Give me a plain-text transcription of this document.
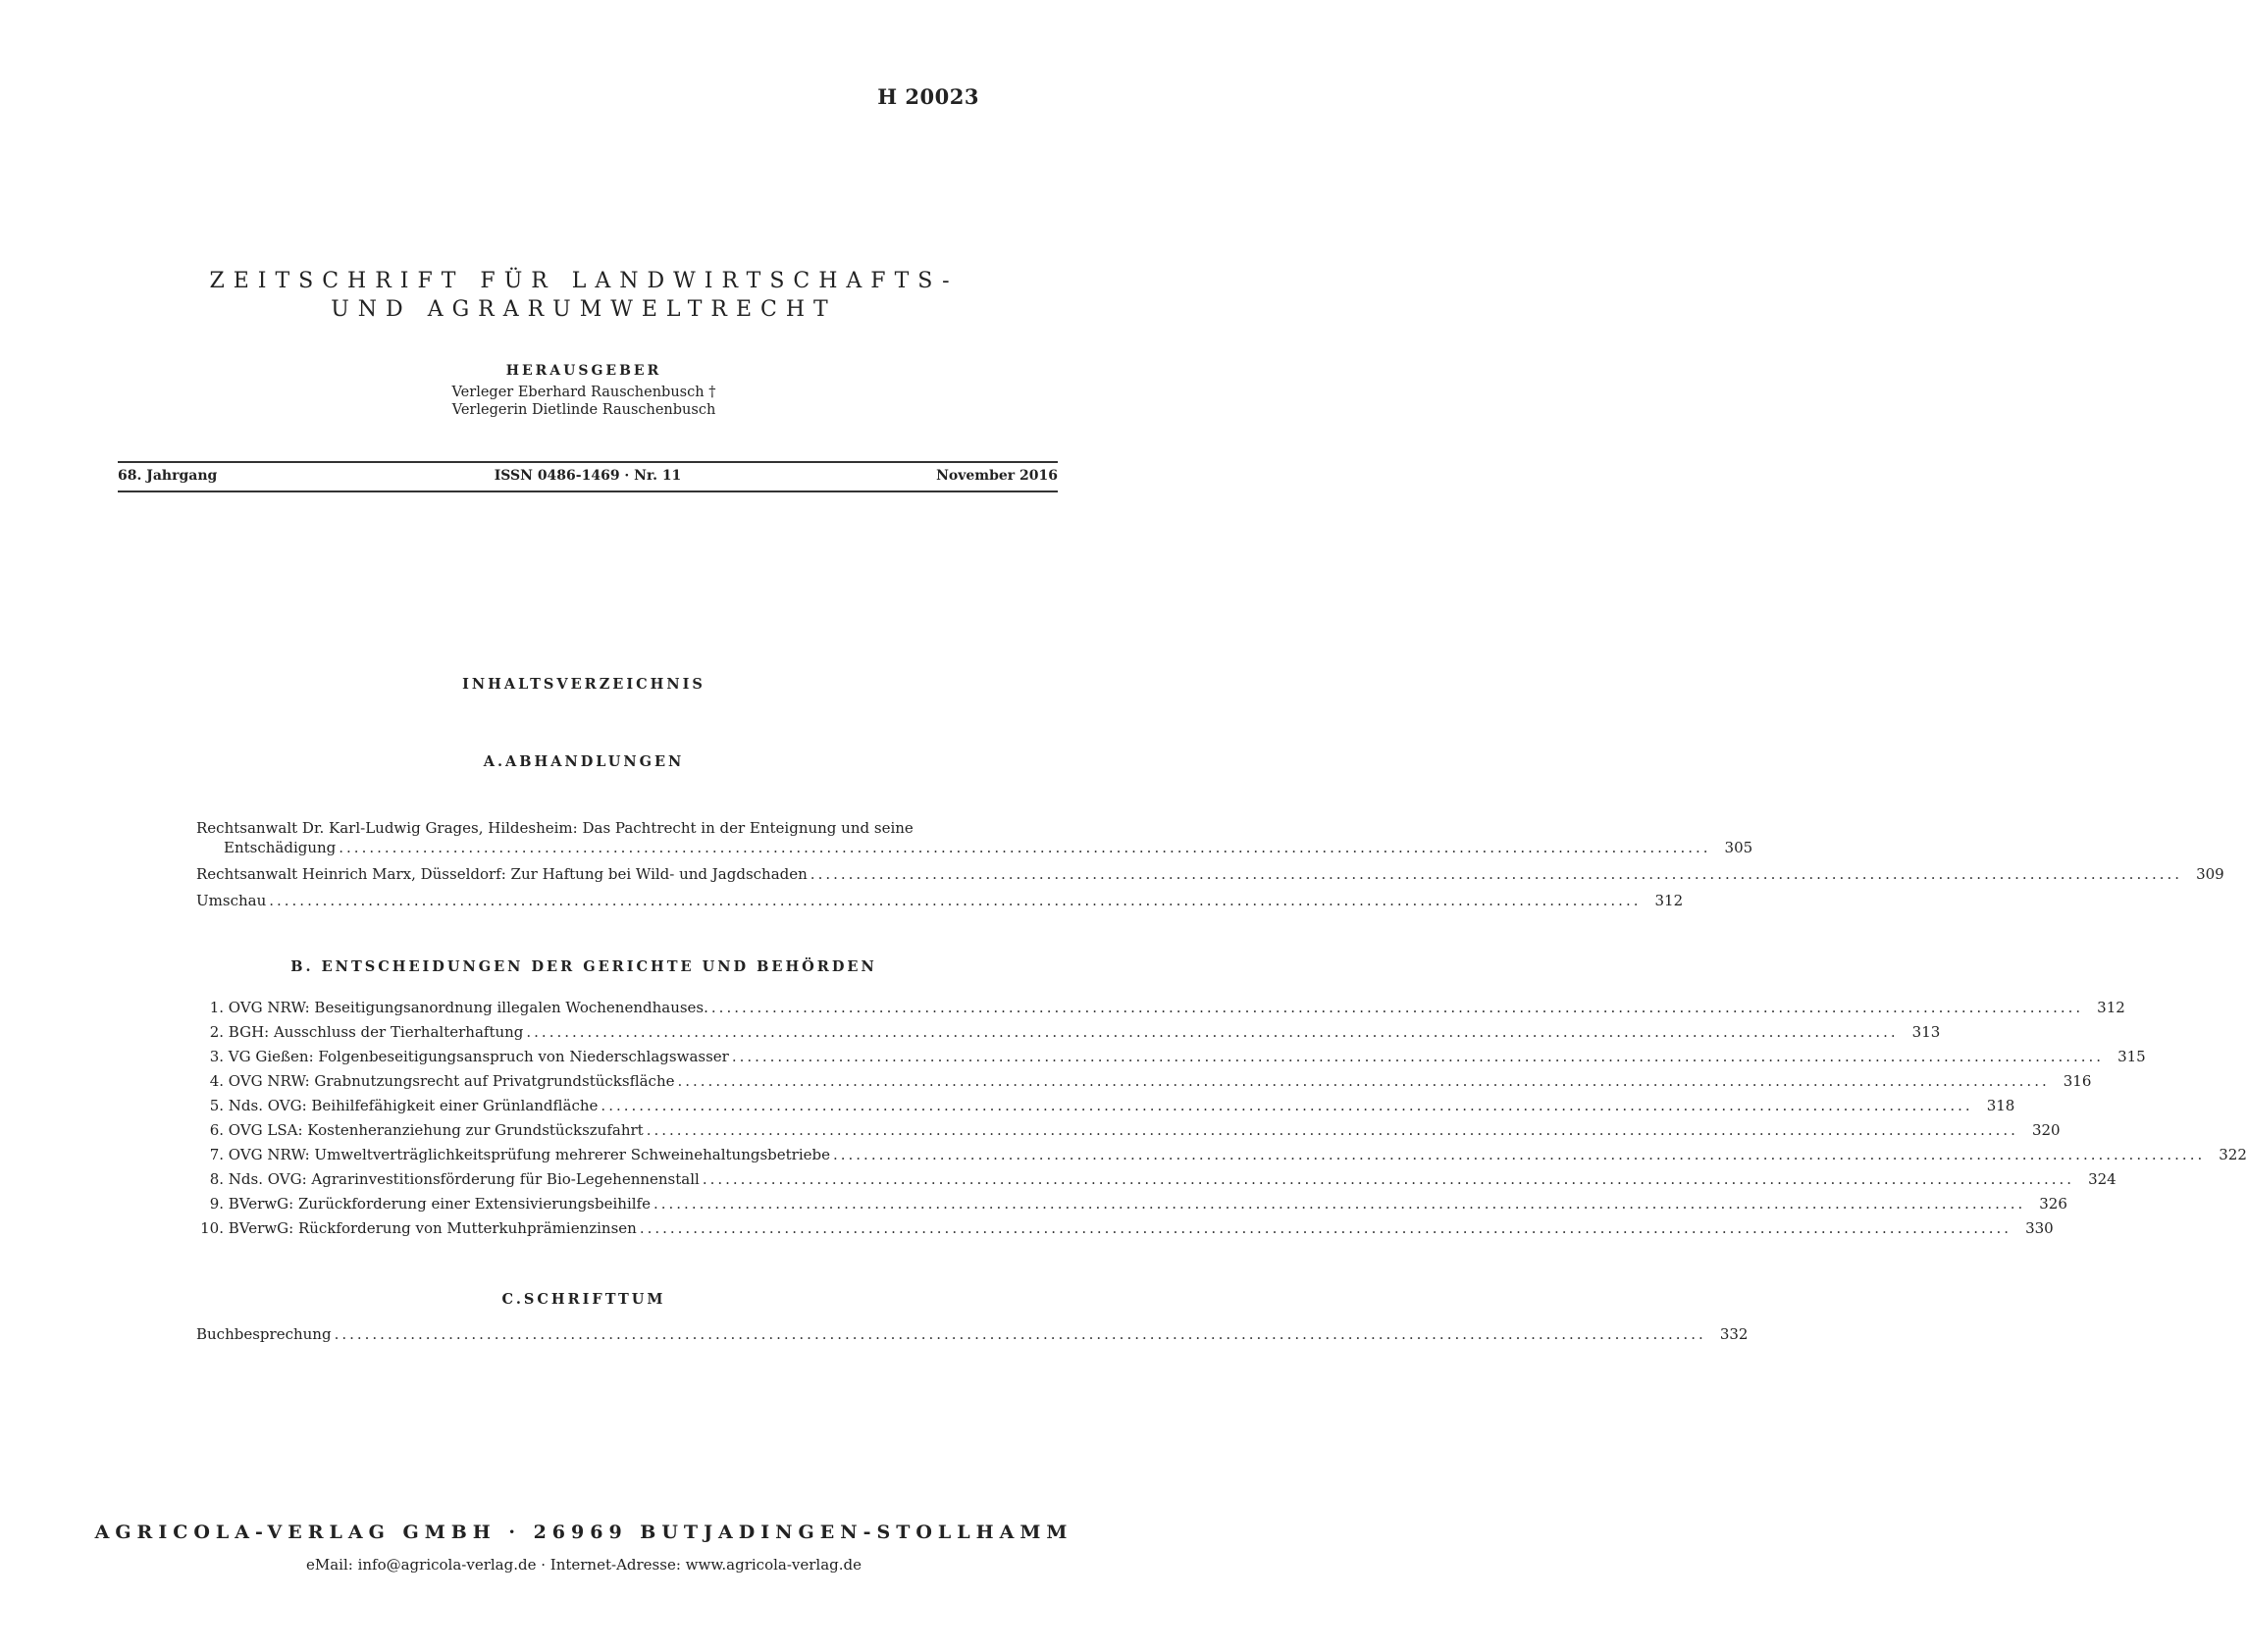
H 20023
ZEITSCHRIFT FÜR LANDWIRTSCHAFTS-
UND AGRARUMWELTRECHT
HERAUSGEBER
Verleger Eberhard Rauschenbusch †
Verlegerin Dietlinde Rauschenbusch
68. Jahrgang	ISSN 0486-1469 · Nr. 11	November 2016
INHALTSVERZEICHNIS
A.ABHANDLUNGEN
Rechtsanwalt Dr. Karl-Ludwig Grages, Hildesheim: Das Pachtrecht in der Enteignung und seine
Entschädigung .................................................................................................................................................................................... 305
Rechtsanwalt Heinrich Marx, Düsseldorf: Zur Haftung bei Wild- und Jagdschaden .................................................................................................................................................................................... 309
Umschau .................................................................................................................................................................................... 312
B. ENTSCHEIDUNGEN DER GERICHTE UND BEHÖRDEN
1. OVG NRW: Beseitigungsanordnung illegalen Wochenendhauses. .................................................................................................................................................................................... 312
2. BGH: Ausschluss der Tierhalterhaftung .................................................................................................................................................................................... 313
3. VG Gießen: Folgenbeseitigungsanspruch von Niederschlagswasser .................................................................................................................................................................................... 315
4. OVG NRW: Grabnutzungsrecht auf Privatgrundstücksfläche .................................................................................................................................................................................... 316
5. Nds. OVG: Beihilfefähigkeit einer Grünlandfläche .................................................................................................................................................................................... 318
6. OVG LSA: Kostenheranziehung zur Grundstückszufahrt .................................................................................................................................................................................... 320
7. OVG NRW: Umweltverträglichkeitsprüfung mehrerer Schweinehaltungsbetriebe .................................................................................................................................................................................... 322
8. Nds. OVG: Agrarinvestitionsförderung für Bio-Legehennenstall .................................................................................................................................................................................... 324
9. BVerwG: Zurückforderung einer Extensivierungsbeihilfe .................................................................................................................................................................................... 326
10. BVerwG: Rückforderung von Mutterkuhprämienzinsen .................................................................................................................................................................................... 330
C.SCHRIFTTUM
Buchbesprechung .................................................................................................................................................................................... 332
AGRICOLA-VERLAG GMBH · 26969 BUTJADINGEN-STOLLHAMM
eMail: info@agricola-verlag.de · Internet-Adresse: www.agricola-verlag.de
